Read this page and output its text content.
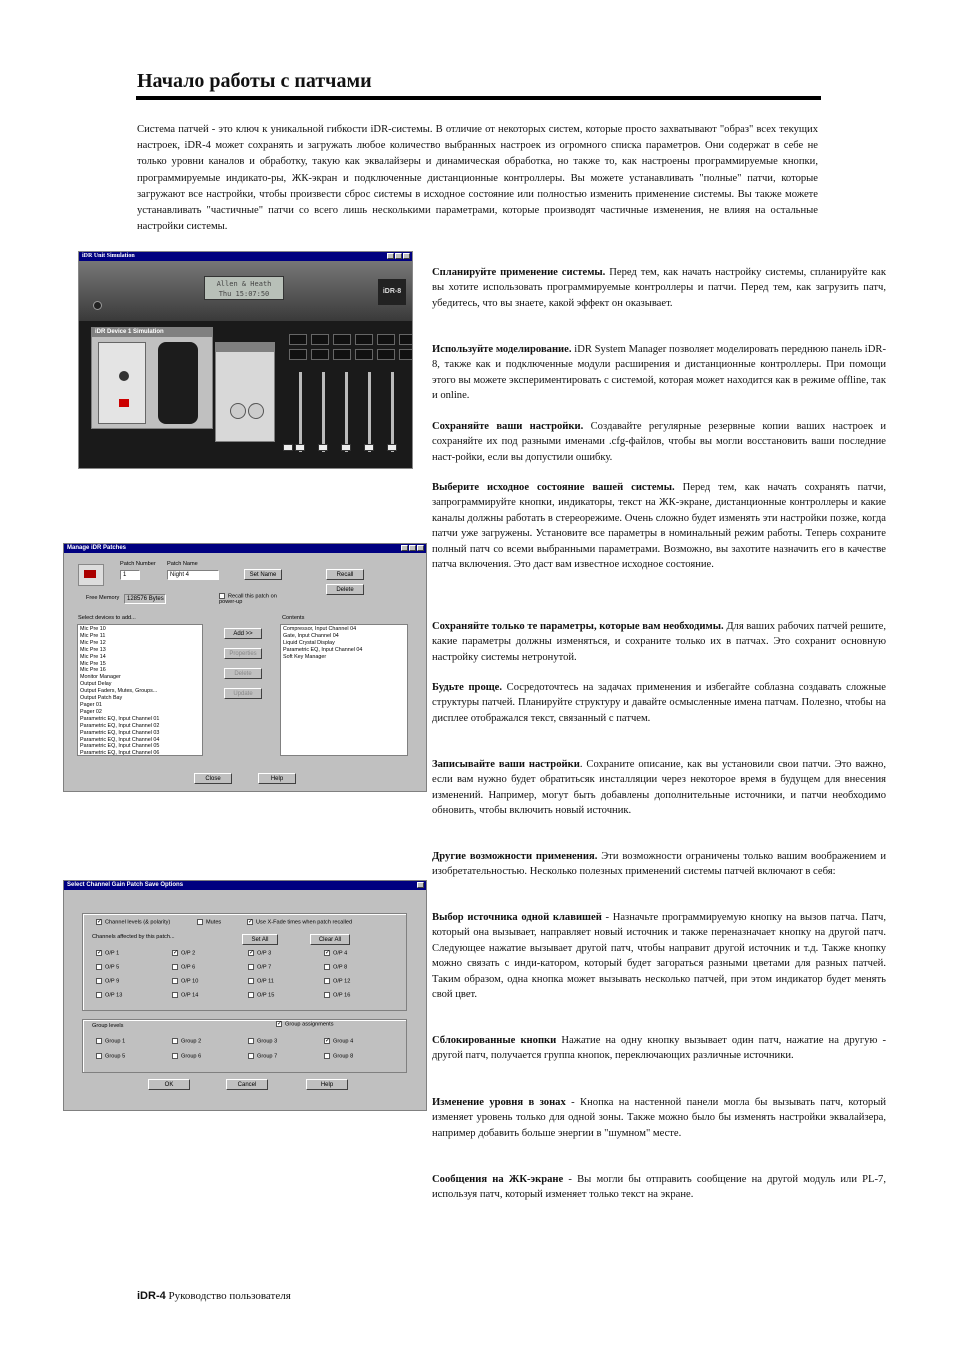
Начало работы с патчами
Система патчей - это ключ к уникальной гибкости iDR-системы. В отличие от некоторых систем, которые просто захватывают "образ" всех текущих настроек, iDR-4 может сохранять и загружать любое количество выбранных настроек из огромного списка параметров. Они содержат в себе не только уровни каналов и обработку, такую как эквалайзеры и динамическая обработка, но также то, как настроены программируемые кнопки, программируемые индикато-ры, ЖК-экран и подключенные дистанционные контроллеры. Вы можете устанавливать "полные" патчи, которые загружают все настройки, чтобы произвести сброс системы в исходное состояние или полностью изменить применение системы. Вы также можете устанавливать "частичные" патчи со всего лишь несколькими параметрами, которые производят частичные изменения, не влияя на остальные настройки системы.
Спланируйте применение системы. Перед тем, как начать настройку системы, спланируйте как вы хотите использовать программируемые контроллеры и патчи. Перед тем, как загрузить патч, убедитесь, что вы знаете, какой эффект он оказывает.
Используйте моделирование. iDR System Manager позволяет моделировать переднюю панель iDR-8, также как и подключенные модули расширения и дистанционные контроллеры. При помощи этого вы можете экспериментировать с системой, которая может находится как в режиме offline, так и online.
Сохраняйте ваши настройки. Создавайте регулярные резервные копии ваших настроек и сохраняйте их под разными именами .cfg-файлов, чтобы вы могли восстановить ваши последние наст-ройки, если вы допустили ошибку.
Выберите исходное состояние вашей системы. Перед тем, как начать сохранять патчи, запрограммируйте кнопки, индикаторы, текст на ЖК-экране, дистанционные контроллеры и какие каналы должны работать в стереорежиме. Очень сложно будет изменять эти настройки позже, когда патчи уже загружены. Установите все параметры в номинальный режим работы. Теперь сохраните полный патч со всеми выбранными параметрами. Возможно, вы захотите назначить его в качестве патча включения. Это даст вам известное исходное состояние.
Сохраняйте только те параметры, которые вам необходимы. Для ваших рабочих патчей решите, какие параметры должны изменяться, и сохраните только их в патчах. Это сохранит основную настройку системы нетронутой.
Будьте проще. Сосредоточтесь на задачах применения и избегайте соблазна создавать сложные структуры патчей. Планируйте структуру и давайте осмысленные имена патчам. Полезно, чтобы на дисплее отображался текст, связанный с патчем.
Записывайте ваши настройки. Сохраните описание, как вы установили свои патчи. Это важно, если вам нужно будет обратитьсяк инсталляции через некоторое время в будущем для внесения изменений. Например, могут быть добавлены дополнительные источники, и патчи необходимо обновить, чтобы включить новый источник.
Другие возможности применения. Эти возможности ограничены только вашим воображением и изобретательностью. Несколько полезных применений системы патчей включают в себя:
Выбор источника одной клавишей - Назначьте программируемую кнопку на вызов патча. Патч, который она вызывает, направляет новый источник и также переназначает кнопку на другой патч. Следующее нажатие вызывает другой патч, чтобы направит другой источник и т.д. Также кнопку можно связать с инди-катором, который будет загораться разными цветами для разных патчей. Таким образом, одна кнопка может вызывать несколько патчей, при этом индикатор будет менять свой цвет.
Сблокированные кнопки Нажатие на одну кнопку вызывает один патч, нажатие на другую - другой патч, получается группа кнопок, переключающих различные источники.
Изменение уровня в зонах - Кнопка на настенной панели могла бы вызывать патч, который изменяет уровень только для одной зоны. Также можно было бы изменять настройки эквалайзера, например добавить больше энергии в "шумном" месте.
Сообщения на ЖК-экране - Вы могли бы отправить сообщение на другой модуль или PL-7, используя патч, который изменяет только текст на экране.
iDR-4 Руководство пользователя
iDR Unit Simulation
Allen & Heath
Thu 15:07:50	iDR-8
iDR Device 1 Simulation
Manage iDR Patches
Patch Number
1
Patch Name
Night 4	Set Name	Recall
Delete
Free Memory	128576 Bytes	Recall this patch on power-up
Select devices to add...
Mic Pre 10
Mic Pre 11
Mic Pre 12
Mic Pre 13
Mic Pre 14
Mic Pre 15
Mic Pre 16
Monitor Manager
Output Delay
Output Faders, Mutes, Groups...
Output Patch Bay
Pager 01
Pager 02
Parametric EQ, Input Channel 01
Parametric EQ, Input Channel 02
Parametric EQ, Input Channel 03
Parametric EQ, Input Channel 04
Parametric EQ, Input Channel 05
Parametric EQ, Input Channel 06
Contents
Compressor, Input Channel 04
Gate, Input Channel 04
Liquid Crystal Display
Parametric EQ, Input Channel 04
Soft Key Manager
Add >>
Properties
Delete
Update
Close	Help
Select Channel Gain Patch Save Options
✓ Channel levels (& polarity)	Mutes	✓ Use X-Fade times when patch recalled
Channels affected by this patch...	Set All	Clear All
✓ O/P 1	✓ O/P 2	✓ O/P 3	✓ O/P 4
O/P 5	O/P 6	O/P 7	O/P 8
O/P 9	O/P 10	O/P 11	O/P 12
O/P 13	O/P 14	O/P 15	O/P 16
Group levels	✓ Group assignments
Group 1	Group 2	Group 3	✓ Group 4
Group 5	Group 6	Group 7	Group 8
OK	Cancel	Help
